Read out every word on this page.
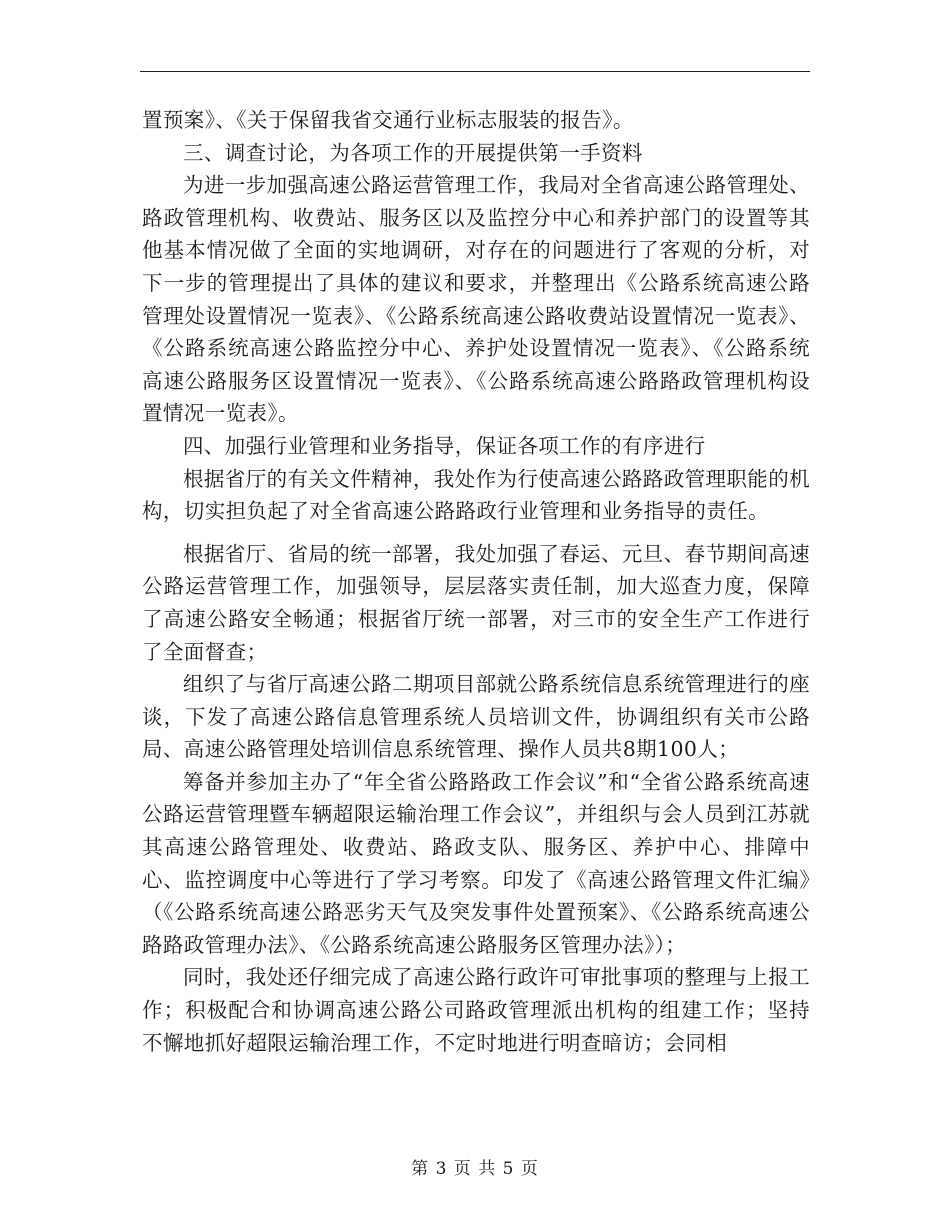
置预案》、《关于保留我省交通行业标志服装的报告》。

三、调查讨论，为各项工作的开展提供第一手资料

为进一步加强高速公路运营管理工作，我局对全省高速公路管理处、路政管理机构、收费站、服务区以及监控分中心和养护部门的设置等其他基本情况做了全面的实地调研，对存在的问题进行了客观的分析，对下一步的管理提出了具体的建议和要求，并整理出《公路系统高速公路管理处设置情况一览表》、《公路系统高速公路收费站设置情况一览表》、《公路系统高速公路监控分中心、养护处设置情况一览表》、《公路系统高速公路服务区设置情况一览表》、《公路系统高速公路路政管理机构设置情况一览表》。

四、加强行业管理和业务指导，保证各项工作的有序进行

根据省厅的有关文件精神，我处作为行使高速公路路政管理职能的机构，切实担负起了对全省高速公路路政行业管理和业务指导的责任。

根据省厅、省局的统一部署，我处加强了春运、元旦、春节期间高速公路运营管理工作，加强领导，层层落实责任制，加大巡查力度，保障了高速公路安全畅通；根据省厅统一部署，对三市的安全生产工作进行了全面督查；

组织了与省厅高速公路二期项目部就公路系统信息系统管理进行的座谈，下发了高速公路信息管理系统人员培训文件，协调组织有关市公路局、高速公路管理处培训信息系统管理、操作人员共8期100人；

筹备并参加主办了“年全省公路路政工作会议”和“全省公路系统高速公路运营管理暨车辆超限运输治理工作会议”，并组织与会人员到江苏就其高速公路管理处、收费站、路政支队、服务区、养护中心、排障中心、监控调度中心等进行了学习考察。印发了《高速公路管理文件汇编》（《公路系统高速公路恶劣天气及突发事件处置预案》、《公路系统高速公路路政管理办法》、《公路系统高速公路服务区管理办法》）；

同时，我处还仔细完成了高速公路行政许可审批事项的整理与上报工作；积极配合和协调高速公路公司路政管理派出机构的组建工作；坚持不懈地抓好超限运输治理工作，不定时地进行明查暗访；会同相

第 3 页 共 5 页
